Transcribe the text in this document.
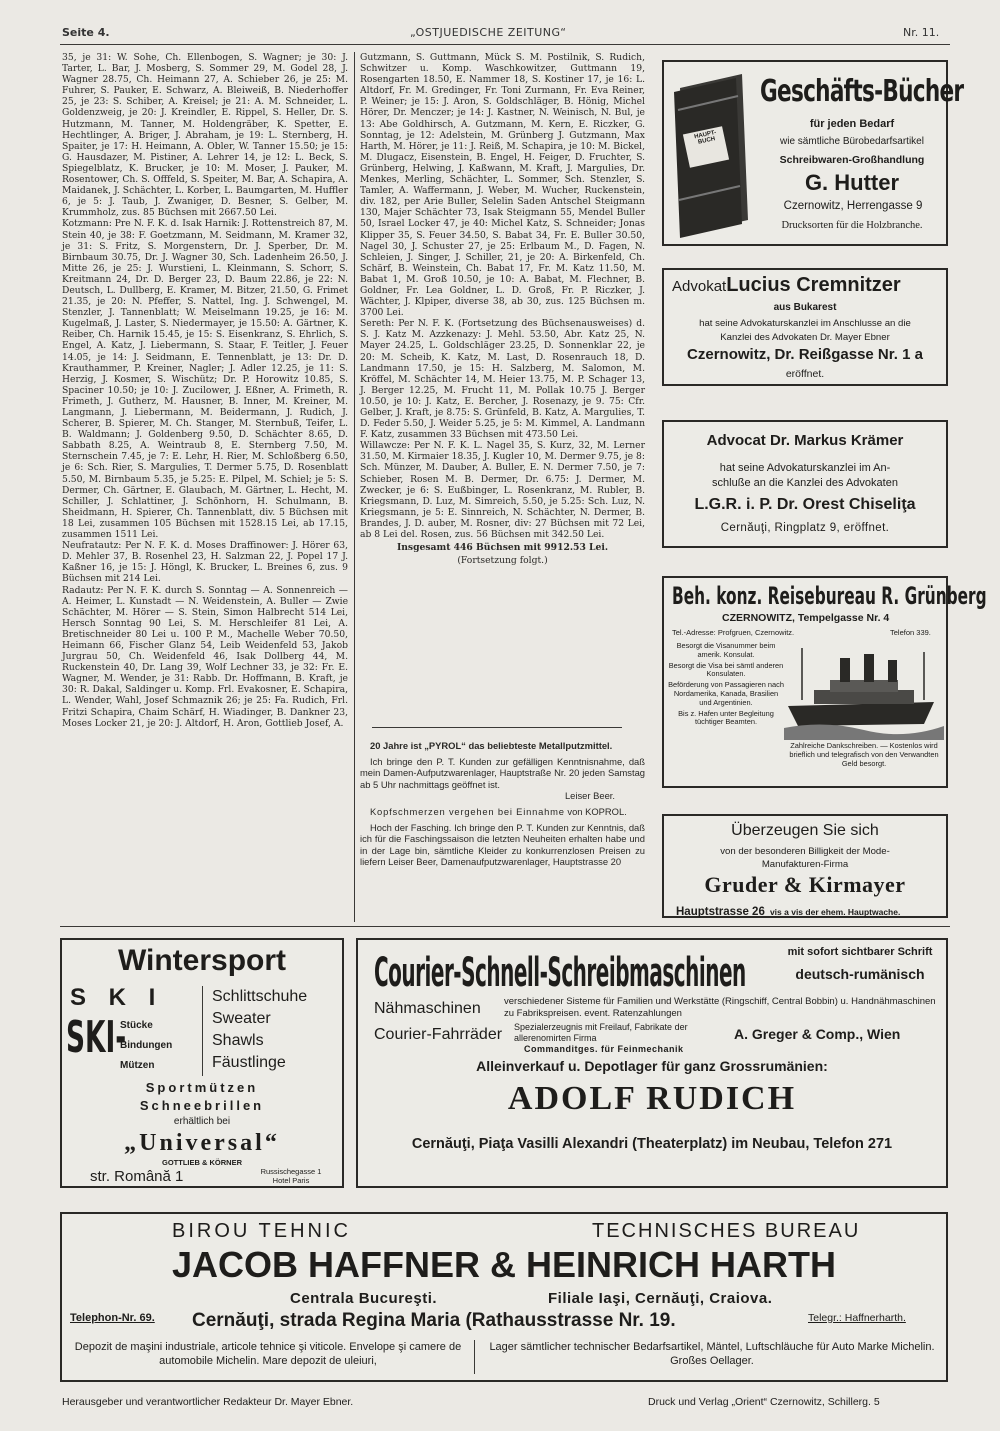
Seite 4.	„OSTJUEDISCHE ZEITUNG“	Nr. 11.

35, je 31: W. Sohe, Ch. Ellenbogen, S. Wagner; je 30: J. Tarter, L. Bar, J. Mosberg, S. Sommer 29, M. Godel 28, J. Wagner 28.75, Ch. Heimann 27, A. Schieber 26, je 25: M. Fuhrer, S. Pauker, E. Schwarz, A. Bleiweiß, B. Niederhoffer 25, je 23: S. Schiber, A. Kreisel; je 21: A. M. Schneider, L. Goldenzweig, je 20: J. Kreindler, E. Rippel, S. Heller, Dr. S. Hutzmann, M. Tanner, M. Holdengräber, K. Spetter, E. Hechtlinger, A. Briger, J. Abraham, je 19: L. Sternberg, H. Spaiter, je 17: H. Heimann, A. Obler, W. Tanner 15.50; je 15: G. Hausdazer, M. Pistiner, A. Lehrer 14, je 12: L. Beck, S. Spiegelblatz, K. Brucker, je 10: M. Moser, J. Pauker, M. Rosentower, Ch. S. Offfeld, S. Speiter, M. Bar, A. Schapira, A. Maidanek, J. Schächter, L. Korber, L. Baumgarten, M. Huffler 6, je 5: J. Taub, J. Zwaniger, D. Besner, S. Gelber, M. Krummholz, zus. 85 Büchsen mit 2667.50 Lei.

Kotzmann: Pre N. F. K. d. Isak Harnik: J. Rottenstreich 87, M. Stein 40, je 38: F. Goetzmann, M. Seidmann, M. Kramer 32, je 31: S. Fritz, S. Morgenstern, Dr. J. Sperber, Dr. M. Birnbaum 30.75, Dr. J. Wagner 30, Sch. Ladenheim 26.50, J. Mitte 26, je 25: J. Wurstieni, L. Kleinmann, S. Schorr, S. Kreitmann 24, Dr. D. Berger 23, D. Baum 22.86, je 22: N. Deutsch, L. Dullberg, E. Kramer, M. Bitzer, 21.50, G. Frimet 21.35, je 20: N. Pfeffer, S. Nattel, Ing. J. Schwengel, M. Stenzler, J. Tannenblatt; W. Meiselmann 19.25, je 16: M. Kugelmaß, J. Laster, S. Niedermayer, je 15.50: A. Gärtner, K. Reiber, Ch. Harnik 15.45, je 15: S. Eisenkranz, S. Ehrlich, S. Engel, A. Katz, J. Liebermann, S. Staar, F. Teitler, J. Feuer 14.05, je 14: J. Seidmann, E. Tennenblatt, je 13: Dr. D. Krauthammer, P. Kreiner, Nagler; J. Adler 12.25, je 11: S. Herzig, J. Kosmer, S. Wischütz; Dr. P. Horowitz 10.85, S. Spaciner 10.50; je 10: J. Zucilower, J. Eßner, A. Frimeth, R. Frimeth, J. Gutherz, M. Hausner, B. Inner, M. Kreiner, M. Langmann, J. Liebermann, M. Beidermann, J. Rudich, J. Scherer, B. Spierer, M. Ch. Stanger, M. Sternbuß, Teifer, L. B. Waldmann; J. Goldenberg 9.50, D. Schächter 8.65, D. Sabbath 8.25, A. Weintraub 8, E. Sternberg 7.50, M. Sternschein 7.45, je 7: E. Lehr, H. Rier, M. Schloßberg 6.50, je 6: Sch. Rier, S. Margulies, T. Dermer 5.75, D. Rosenblatt 5.50, M. Birnbaum 5.35, je 5.25: E. Pilpel, M. Schiel; je 5: S. Dermer, Ch. Gärtner, E. Glaubach, M. Gärtner, L. Hecht, M. Schiller, J. Schlattiner, J. Schönhorn, H. Schulmann, B. Sheidmann, H. Spierer, Ch. Tannenblatt, div. 5 Büchsen mit 18 Lei, zusammen 105 Büchsen mit 1528.15 Lei, ab 17.15, zusammen 1511 Lei.

Neufratautz: Per N. F. K. d. Moses Draffinower: J. Hörer 63, D. Mehler 37, B. Rosenhel 23, H. Salzman 22, J. Popel 17 J. Kaßner 16, je 15: J. Höngl, K. Brucker, L. Breines 6, zus. 9 Büchsen mit 214 Lei.

Radautz: Per N. F. K. durch S. Sonntag — A. Sonnenreich — A. Heimer, L. Kunstadt — N. Weidenstein, A. Buller — Zwie Schächter, M. Hörer — S. Stein, Simon Halbrecht 514 Lei, Hersch Sonntag 90 Lei, S. M. Herschleifer 81 Lei, A. Bretischneider 80 Lei u. 100 P. M., Machelle Weber 70.50, Heimann 66, Fischer Glanz 54, Leib Weidenfeld 53, Jakob Jurgrau 50, Ch. Weidenfeld 46, Isak Dollberg 44, M. Ruckenstein 40, Dr. Lang 39, Wolf Lechner 33, je 32: Fr. E. Wagner, M. Wender, je 31: Rabb. Dr. Hoffmann, B. Kraft, je 30: R. Dakal, Saldinger u. Komp. Frl. Evakosner, E. Schapira, L. Wender, Wahl, Josef Schmaznik 26; je 25: Fa. Rudich, Frl. Fritzi Schapira, Chaim Schärf, H. Wiadinger, B. Dankner 23, Moses Locker 21, je 20: J. Altdorf, H. Aron, Gottlieb Josef, A.

Gutzmann, S. Guttmann, Mück S. M. Postilnik, S. Rudich, Schwitzer u. Komp. Waschkowitzer, Guttmann 19, Rosengarten 18.50, E. Nammer 18, S. Kostiner 17, je 16: L. Altdorf, Fr. M. Gredinger, Fr. Toni Zurmann, Fr. Eva Reiner, P. Weiner; je 15: J. Aron, S. Goldschläger, B. Hönig, Michel Hörer, Dr. Menczer; je 14: J. Kastner, N. Weinisch, N. Bul, je 13: Abe Goldhirsch, A. Gutzmann, M. Kern, E. Riczker, G. Sonntag, je 12: Adelstein, M. Grünberg J. Gutzmann, Max Harth, M. Hörer, je 11: J. Reiß, M. Schapira, je 10: M. Bickel, M. Dlugacz, Eisenstein, B. Engel, H. Feiger, D. Fruchter, S. Grünberg, Helwing, J. Kaßwann, M. Kraft, J. Margulies, Dr. Menkes, Merling, Schächter, L. Sommer, Sch. Stenzler, S. Tamler, A. Waffermann, J. Weber, M. Wucher, Ruckenstein, div. 182, per Arie Buller, Selelin Saden Antschel Steigmann 130, Majer Schächter 73, Isak Steigmann 55, Mendel Buller 50, Israel Locker 47, je 40: Michel Katz, S. Schneider; Jonas Klipper 35, S. Feuer 34.50, S. Babat 34, Fr. E. Buller 30.50, Nagel 30, J. Schuster 27, je 25: Erlbaum M., D. Fagen, N. Schleien, J. Singer, J. Schiller, 21, je 20: A. Birkenfeld, Ch. Schärf, B. Weinstein, Ch. Babat 17, Fr. M. Katz 11.50, M. Babat 1, M. Groß 10.50, je 10: A. Babat, M. Flechner, B. Goldner, Fr. Lea Goldner, L. D. Groß, Fr. P. Riczker, J. Wächter, J. Klpiper, diverse 38, ab 30, zus. 125 Büchsen m. 3700 Lei.

Sereth: Per N. F. K. (Fortsetzung des Büchsenausweises) d. S. J. Katz M. Azzkenazy: J. Mehl. 53.50, Abr. Katz 25, N. Mayer 24.25, L. Goldschläger 23.25, D. Sonnenklar 22, je 20: M. Scheib, K. Katz, M. Last, D. Rosenrauch 18, D. Landmann 17.50, je 15: H. Salzberg, M. Salomon, M. Kröffel, M. Schächter 14, M. Heier 13.75, M. P. Schager 13, J. Berger 12.25, M. Frucht 11, M. Pollak 10.75 J. Berger 10.50, je 10: J. Katz, E. Bercher, J. Rosenazy, je 9. 75: Cfr. Gelber, J. Kraft, je 8.75: S. Grünfeld, B. Katz, A. Margulies, T. D. Feder 5.50, J. Weider 5.25, je 5: M. Kimmel, A. Landmann F. Katz, zusammen 33 Büchsen mit 473.50 Lei.

Willawcze: Per N. F. K. L. Nagel 35, S. Kurz, 32, M. Lerner 31.50, M. Kirmaier 18.35, J. Kugler 10, M. Dermer 9.75, je 8: Sch. Münzer, M. Dauber, A. Buller, E. N. Dermer 7.50, je 7: Schieber, Rosen M. B. Dermer, Dr. 6.75: J. Dermer, M. Zwecker, je 6: S. Eußbinger, L. Rosenkranz, M. Rubler, B. Kriegsmann, D. Luz, M. Simreich, 5.50, je 5.25: Sch. Luz, N. Kriegsmann, je 5: E. Sinnreich, N. Schächter, N. Dermer, B. Brandes, J. D. auber, M. Rosner, div: 27 Büchsen mit 72 Lei, ab 8 Lei del. Rosen, zus. 56 Büchsen mit 342.50 Lei.

Insgesamt 446 Büchsen mit 9912.53 Lei.

(Fortsetzung folgt.)

20 Jahre ist „PYROL“ das beliebteste Metallputzmittel.

Ich bringe den P. T. Kunden zur gefälligen Kenntnisnahme, daß mein Damen-Aufputzwarenlager, Hauptstraße Nr. 20 jeden Samstag ab 5 Uhr nachmittags geöffnet ist.

Leiser Beer.

Kopfschmerzen vergehen bei Einnahme von KOPROL.

Hoch der Fasching. Ich bringe den P. T. Kunden zur Kenntnis, daß ich für die Faschingssaison die letzten Neuheiten erhalten habe und in der Lage bin, sämtliche Kleider zu konkurrenzlosen Preisen zu liefern Leiser Beer, Damenaufputzwarenlager, Hauptstrasse 20

HAUPT-BUCH
Geschäfts-Bücher
für jeden Bedarf
wie sämtliche Bürobedarfsartikel
Schreibwaren-Großhandlung
G. Hutter
Czernowitz, Herrengasse 9
Drucksorten für die Holzbranche.
AdvokatLucius Cremnitzer
aus Bukarest
hat seine Advokaturskanzlei im Anschlusse an die
Kanzlei des Advokaten Dr. Mayer Ebner
Czernowitz, Dr. Reißgasse Nr. 1 a
eröffnet.
Advocat Dr. Markus Krämer
hat seine Advokaturskanzlei im An-
schluße an die Kanzlei des Advokaten
L.G.R. i. P. Dr. Orest Chiseliţa
Cernăuţi, Ringplatz 9, eröffnet.
Beh. konz. Reisebureau R. Grünberg
CZERNOWITZ, Tempelgasse Nr. 4
Tel.-Adresse: Profgruen, Czernowitz.	Telefon 339.

Besorgt die Visanummer beim amerik. Konsulat.

Besorgt die Visa bei sämtl anderen Konsulaten.

Beförderung von Passagieren nach Nordamerika, Kanada, Brasilien und Argentinien.

Bis z. Hafen unter Begleitung tüchtiger Beamten.

Zahlreiche Dankschreiben. — Kostenlos wird brieflich und telegrafisch von den Verwandten Geld besorgt.
Überzeugen Sie sich
von der besonderen Billigkeit der Mode-
Manufakturen-Firma
Gruder & Kirmayer
Hauptstrasse 26 vis a vis der ehem. Hauptwache.
Wintersport
S K I
SKI-
Stücke
Bindungen
Mützen
Schlittschuhe
Sweater
Shawls
Fäustlinge
Sportmützen
Schneebrillen
erhältlich bei
„Universal“
GOTTLIEB & KÖRNER
str. Română 1	Russischegasse 1
Hotel Paris
Courier-Schnell-Schreibmaschinen	mit sofort sichtbarer Schrift
deutsch-rumänisch
Nähmaschinen verschiedener Sisteme für Familien und Werkstätte (Ringschiff, Central Bobbin) u. Handnähmaschinen zu Fabrikspreisen. event. Ratenzahlungen
Courier-Fahrräder Spezialerzeugnis mit Freilauf, Fabrikate der allerenomirten Firma	A. Greger & Comp., Wien
Commanditges. für Feinmechanik
Alleinverkauf u. Depotlager für ganz Grossrumänien:
ADOLF RUDICH
Cernăuţi, Piaţa Vasilli Alexandri (Theaterplatz) im Neubau, Telefon 271
BIROU TEHNIC	TECHNISCHES BUREAU
JACOB HAFFNER & HEINRICH HARTH
Centrala Bucureşti.	Filiale Iaşi, Cernăuţi, Craiova.
Telephon-Nr. 69.	Telegr.: Haffnerharth.
Cernăuţi, strada Regina Maria (Rathausstrasse Nr. 19.
Depozit de maşini industriale, articole tehnice şi viticole. Envelope şi camere de automobile Michelin. Mare depozit de uleiuri,
Lager sämtlicher technischer Bedarfsartikel, Mäntel, Luftschläuche für Auto Marke Michelin. Großes Oellager.
Herausgeber und verantwortlicher Redakteur Dr. Mayer Ebner.	Druck und Verlag „Orient“ Czernowitz, Schillerg. 5
